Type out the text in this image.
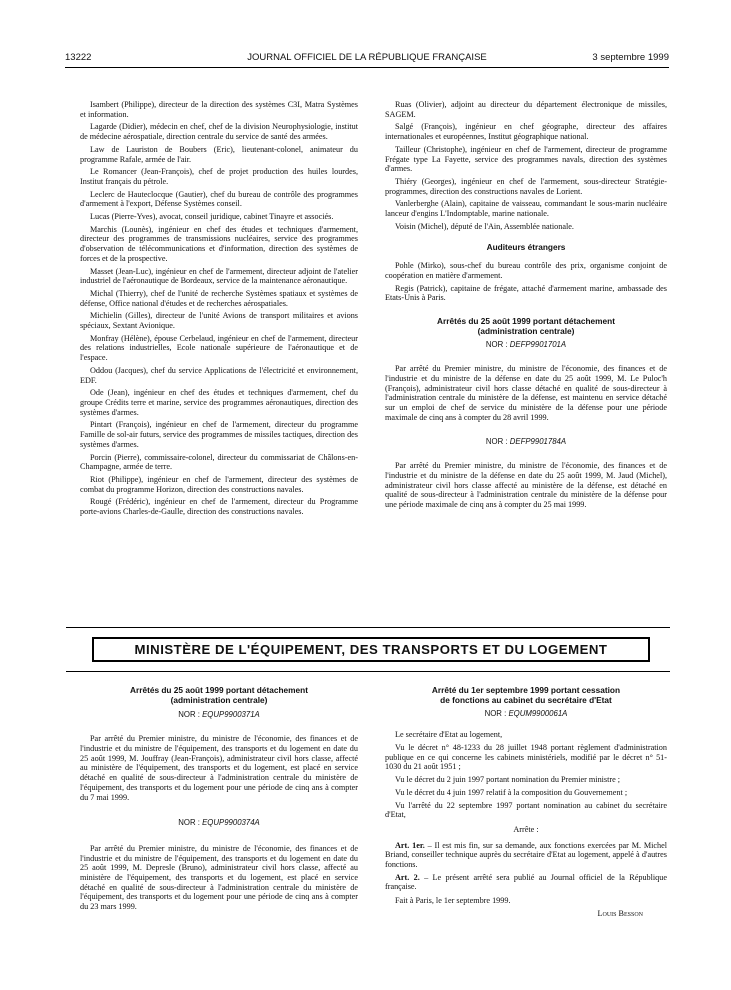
13222	JOURNAL OFFICIEL DE LA RÉPUBLIQUE FRANÇAISE	3 septembre 1999

Isambert (Philippe), directeur de la direction des systèmes C3I, Matra Systèmes et information.

Lagarde (Didier), médecin en chef, chef de la division Neurophysiologie, institut de médecine aérospatiale, direction centrale du service de santé des armées.

Law de Lauriston de Boubers (Eric), lieutenant-colonel, animateur du programme Rafale, armée de l'air.

Le Romancer (Jean-François), chef de projet production des huiles lourdes, Institut français du pétrole.

Leclerc de Hauteclocque (Gautier), chef du bureau de contrôle des programmes d'armement à l'export, Défense Systèmes conseil.

Lucas (Pierre-Yves), avocat, conseil juridique, cabinet Tinayre et associés.

Marchis (Lounès), ingénieur en chef des études et techniques d'armement, directeur des programmes de transmissions nucléaires, service des programmes d'observation de télécommunications et d'information, direction des systèmes de forces et de la prospective.

Masset (Jean-Luc), ingénieur en chef de l'armement, directeur adjoint de l'atelier industriel de l'aéronautique de Bordeaux, service de la maintenance aéronautique.

Michal (Thierry), chef de l'unité de recherche Systèmes spatiaux et systèmes de défense, Office national d'études et de recherches aérospatiales.

Michielin (Gilles), directeur de l'unité Avions de transport militaires et avions spéciaux, Sextant Avionique.

Monfray (Hélène), épouse Cerbelaud, ingénieur en chef de l'armement, directeur des relations industrielles, Ecole nationale supérieure de l'aéronautique et de l'espace.

Oddou (Jacques), chef du service Applications de l'électricité et environnement, EDF.

Ode (Jean), ingénieur en chef des études et techniques d'armement, chef du groupe Crédits terre et marine, service des programmes aéronautiques, direction des systèmes d'armes.

Pintart (François), ingénieur en chef de l'armement, directeur du programme Famille de sol-air futurs, service des programmes de missiles tactiques, direction des systèmes d'armes.

Porcin (Pierre), commissaire-colonel, directeur du commissariat de Châlons-en-Champagne, armée de terre.

Riot (Philippe), ingénieur en chef de l'armement, directeur des systèmes de combat du programme Horizon, direction des constructions navales.

Rougé (Frédéric), ingénieur en chef de l'armement, directeur du Programme porte-avions Charles-de-Gaulle, direction des constructions navales.

Ruas (Olivier), adjoint au directeur du département électronique de missiles, SAGEM.

Salgé (François), ingénieur en chef géographe, directeur des affaires internationales et européennes, Institut géographique national.

Tailleur (Christophe), ingénieur en chef de l'armement, directeur de programme Frégate type La Fayette, service des programmes navals, direction des systèmes d'armes.

Thiéry (Georges), ingénieur en chef de l'armement, sous-directeur Stratégie-programmes, direction des constructions navales de Lorient.

Vanlerberghe (Alain), capitaine de vaisseau, commandant le sous-marin nucléaire lanceur d'engins L'Indomptable, marine nationale.

Voisin (Michel), député de l'Ain, Assemblée nationale.

Auditeurs étrangers

Pohle (Mirko), sous-chef du bureau contrôle des prix, organisme conjoint de coopération en matière d'armement.

Regis (Patrick), capitaine de frégate, attaché d'armement marine, ambassade des Etats-Unis à Paris.

Arrêtés du 25 août 1999 portant détachement
(administration centrale)
NOR : DEFP9901701A

Par arrêté du Premier ministre, du ministre de l'économie, des finances et de l'industrie et du ministre de la défense en date du 25 août 1999, M. Le Puloc'h (François), administrateur civil hors classe détaché en qualité de sous-directeur à l'administration centrale du ministère de la défense, est maintenu en service détaché sur un emploi de chef de service du ministère de la défense pour une période maximale de cinq ans à compter du 28 avril 1999.

NOR : DEFP9901784A

Par arrêté du Premier ministre, du ministre de l'économie, des finances et de l'industrie et du ministre de la défense en date du 25 août 1999, M. Jaud (Michel), administrateur civil hors classe affecté au ministère de la défense, est détaché en qualité de sous-directeur à l'administration centrale du ministère de la défense pour une période maximale de cinq ans à compter du 25 mai 1999.

MINISTÈRE DE L'ÉQUIPEMENT, DES TRANSPORTS ET DU LOGEMENT
Arrêtés du 25 août 1999 portant détachement
(administration centrale)
NOR : EQUP9900371A

Par arrêté du Premier ministre, du ministre de l'économie, des finances et de l'industrie et du ministre de l'équipement, des transports et du logement en date du 25 août 1999, M. Jouffray (Jean-François), administrateur civil hors classe, affecté au ministère de l'équipement, des transports et du logement, est placé en service détaché en qualité de sous-directeur à l'administration centrale du ministère de l'équipement, des transports et du logement pour une période de cinq ans à compter du 7 mai 1999.

NOR : EQUP9900374A

Par arrêté du Premier ministre, du ministre de l'économie, des finances et de l'industrie et du ministre de l'équipement, des transports et du logement en date du 25 août 1999, M. Depresle (Bruno), administrateur civil hors classe, affecté au ministère de l'équipement, des transports et du logement, est placé en service détaché en qualité de sous-directeur à l'administration centrale du ministère de l'équipement, des transports et du logement pour une période de cinq ans à compter du 23 mars 1999.

Arrêté du 1er septembre 1999 portant cessation
de fonctions au cabinet du secrétaire d'Etat
NOR : EQUM9900061A

Le secrétaire d'Etat au logement,

Vu le décret n° 48-1233 du 28 juillet 1948 portant règlement d'administration publique en ce qui concerne les cabinets ministériels, modifié par le décret n° 51-1030 du 21 août 1951 ;

Vu le décret du 2 juin 1997 portant nomination du Premier ministre ;

Vu le décret du 4 juin 1997 relatif à la composition du Gouvernement ;

Vu l'arrêté du 22 septembre 1997 portant nomination au cabinet du secrétaire d'Etat,

Arrête :

Art. 1er. – Il est mis fin, sur sa demande, aux fonctions exercées par M. Michel Briand, conseiller technique auprès du secrétaire d'Etat au logement, appelé à d'autres fonctions.

Art. 2. – Le présent arrêté sera publié au Journal officiel de la République française.

Fait à Paris, le 1er septembre 1999.

Louis Besson
